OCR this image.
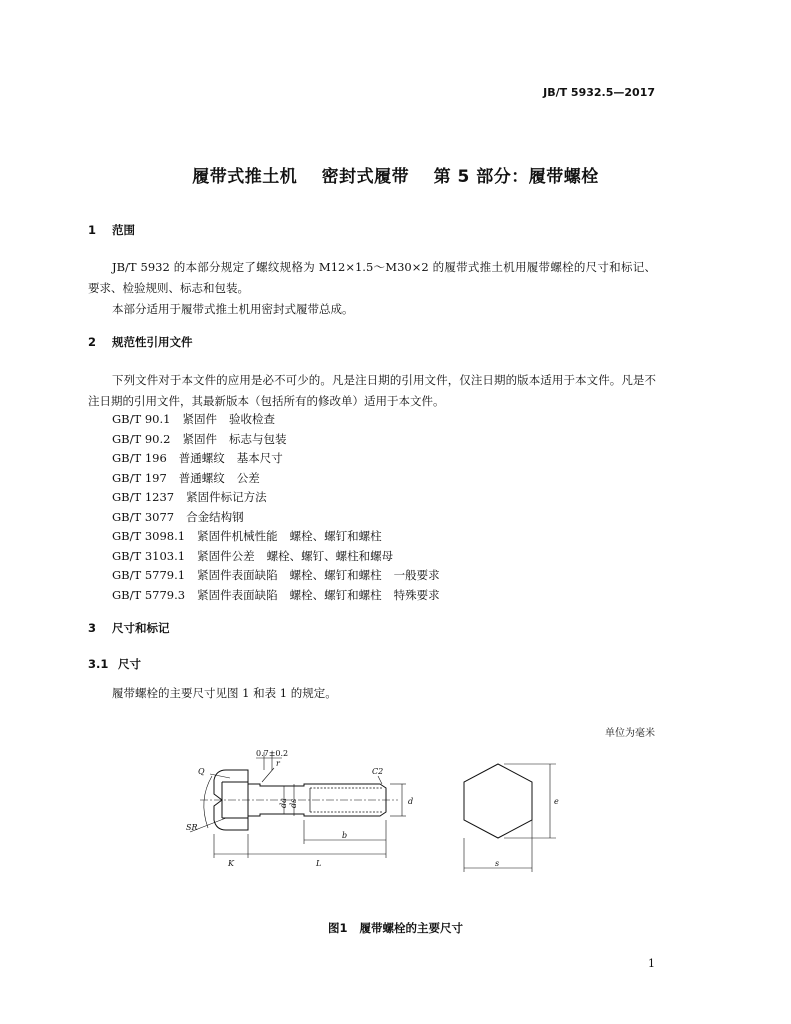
JB/T 5932.5—2017
履带式推土机 密封式履带 第 5 部分：履带螺栓
1 范围
JB/T 5932 的本部分规定了螺纹规格为 M12×1.5～M30×2 的履带式推土机用履带螺栓的尺寸和标记、要求、检验规则、标志和包装。
本部分适用于履带式推土机用密封式履带总成。
2 规范性引用文件
下列文件对于本文件的应用是必不可少的。凡是注日期的引用文件，仅注日期的版本适用于本文件。凡是不注日期的引用文件，其最新版本（包括所有的修改单）适用于本文件。
GB/T 90.1 紧固件 验收检查
GB/T 90.2 紧固件 标志与包装
GB/T 196 普通螺纹 基本尺寸
GB/T 197 普通螺纹 公差
GB/T 1237 紧固件标记方法
GB/T 3077 合金结构钢
GB/T 3098.1 紧固件机械性能 螺栓、螺钉和螺柱
GB/T 3103.1 紧固件公差 螺栓、螺钉、螺柱和螺母
GB/T 5779.1 紧固件表面缺陷 螺栓、螺钉和螺柱 一般要求
GB/T 5779.3 紧固件表面缺陷 螺栓、螺钉和螺柱 特殊要求
3 尺寸和标记
3.1 尺寸
履带螺栓的主要尺寸见图 1 和表 1 的规定。
单位为毫米
0.7±0.2
r
Q	C2
SR
da ds	d
K	L
b
e
s
图1 履带螺栓的主要尺寸
1
